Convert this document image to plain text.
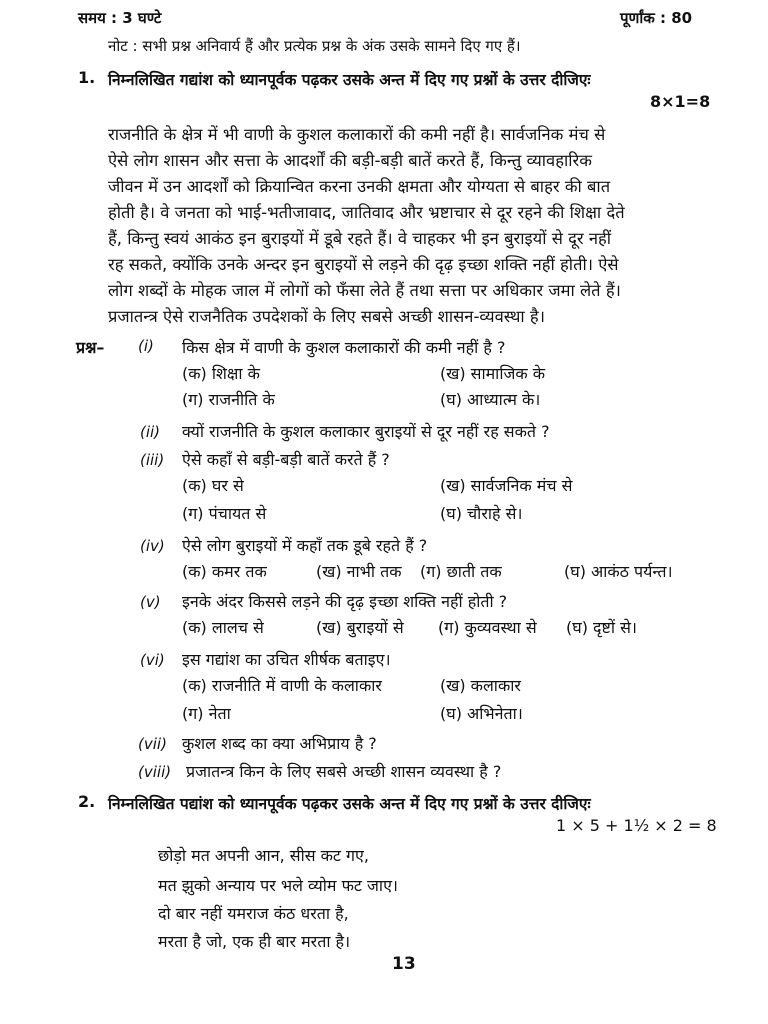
समय : 3 घण्टे	पूर्णांक : 80
नोट : सभी प्रश्न अनिवार्य हैं और प्रत्येक प्रश्न के अंक उसके सामने दिए गए हैं।
1. निम्नलिखित गद्यांश को ध्यानपूर्वक पढ़कर उसके अन्त में दिए गए प्रश्नों के उत्तर दीजिएः
8×1=8
राजनीति के क्षेत्र में भी वाणी के कुशल कलाकारों की कमी नहीं है। सार्वजनिक मंच से
ऐसे लोग शासन और सत्ता के आदर्शों की बड़ी-बड़ी बातें करते हैं, किन्तु व्यावहारिक
जीवन में उन आदर्शों को क्रियान्वित करना उनकी क्षमता और योग्यता से बाहर की बात
होती है। वे जनता को भाई-भतीजावाद, जातिवाद और भ्रष्टाचार से दूर रहने की शिक्षा देते
हैं, किन्तु स्वयं आकंठ इन बुराइयों में डूबे रहते हैं। वे चाहकर भी इन बुराइयों से दूर नहीं
रह सकते, क्योंकि उनके अन्दर इन बुराइयों से लड़ने की दृढ़ इच्छा शक्ति नहीं होती। ऐसे
लोग शब्दों के मोहक जाल में लोगों को फँसा लेते हैं तथा सत्ता पर अधिकार जमा लेते हैं।
प्रजातन्त्र ऐसे राजनैतिक उपदेशकों के लिए सबसे अच्छी शासन-व्यवस्था है।
प्रश्न– (i) किस क्षेत्र में वाणी के कुशल कलाकारों की कमी नहीं है ?
(क) शिक्षा के	(ख) सामाजिक के
(ग) राजनीति के	(घ) आध्यात्म के।
(ii) क्यों राजनीति के कुशल कलाकार बुराइयों से दूर नहीं रह सकते ?
(iii) ऐसे कहाँ से बड़ी-बड़ी बातें करते हैं ?
(क) घर से	(ख) सार्वजनिक मंच से
(ग) पंचायत से	(घ) चौराहे से।
(iv) ऐसे लोग बुराइयों में कहाँ तक डूबे रहते हैं ?
(क) कमर तक	(ख) नाभी तक (ग) छाती तक	(घ) आकंठ पर्यन्त।
(v) इनके अंदर किससे लड़ने की दृढ़ इच्छा शक्ति नहीं होती ?
(क) लालच से	(ख) बुराइयों से (ग) कुव्यवस्था से (घ) दृष्टों से।
(vi) इस गद्यांश का उचित शीर्षक बताइए।
(क) राजनीति में वाणी के कलाकार	(ख) कलाकार
(ग) नेता	(घ) अभिनेता।
(vii) कुशल शब्द का क्या अभिप्राय है ?
(viii) प्रजातन्त्र किन के लिए सबसे अच्छी शासन व्यवस्था है ?
2. निम्नलिखित पद्यांश को ध्यानपूर्वक पढ़कर उसके अन्त में दिए गए प्रश्नों के उत्तर दीजिएः
1 × 5 + 1½ × 2 = 8
छोड़ो मत अपनी आन, सीस कट गए,
मत झुको अन्याय पर भले व्योम फट जाए।
दो बार नहीं यमराज कंठ धरता है,
मरता है जो, एक ही बार मरता है।
13
